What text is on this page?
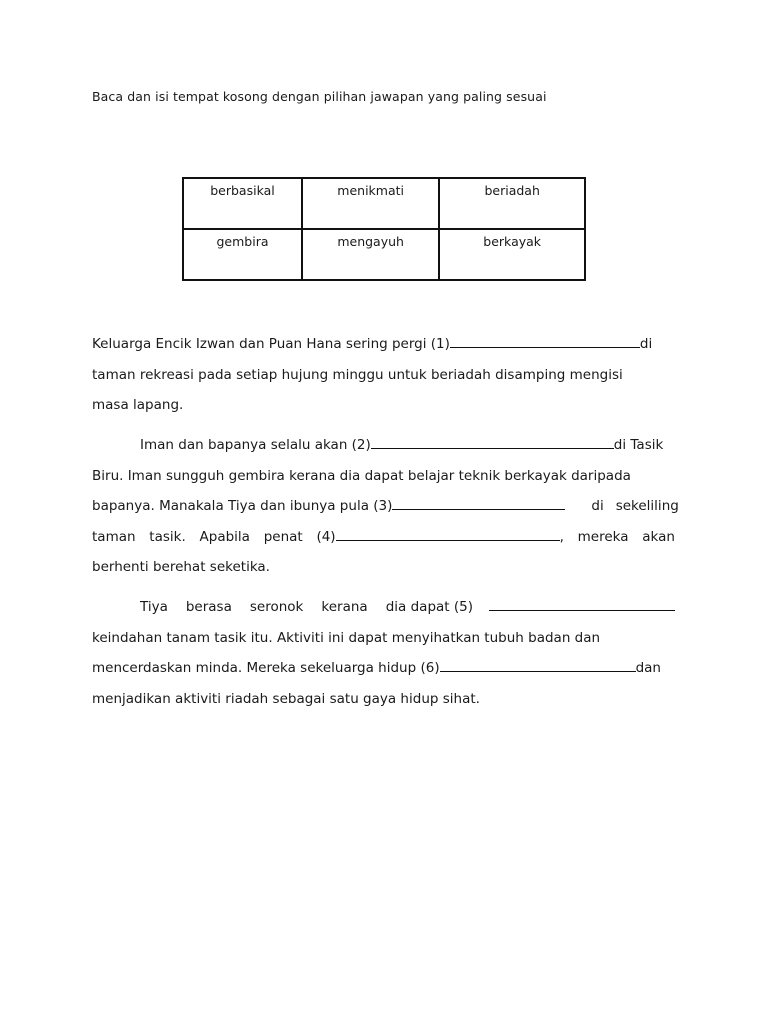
Baca dan isi tempat kosong dengan pilihan jawapan yang paling sesuai
berbasikal	menikmati	beriadah
gembira	mengayuh	berkayak
Keluarga Encik Izwan dan Puan Hana sering pergi (1)	di
taman rekreasi pada setiap hujung minggu untuk beriadah disamping mengisi
masa lapang.
Iman dan bapanya selalu akan (2)	di Tasik
Biru. Iman sungguh gembira kerana dia dapat belajar teknik berkayak daripada
bapanya. Manakala Tiya dan ibunya pula (3)	di sekeliling
taman tasik. Apabila penat (4)	, mereka akan
berhenti berehat seketika.
Tiya berasa seronok kerana dia dapat (5)
keindahan tanam tasik itu. Aktiviti ini dapat menyihatkan tubuh badan dan
mencerdaskan minda. Mereka sekeluarga hidup (6)	dan
menjadikan aktiviti riadah sebagai satu gaya hidup sihat.
